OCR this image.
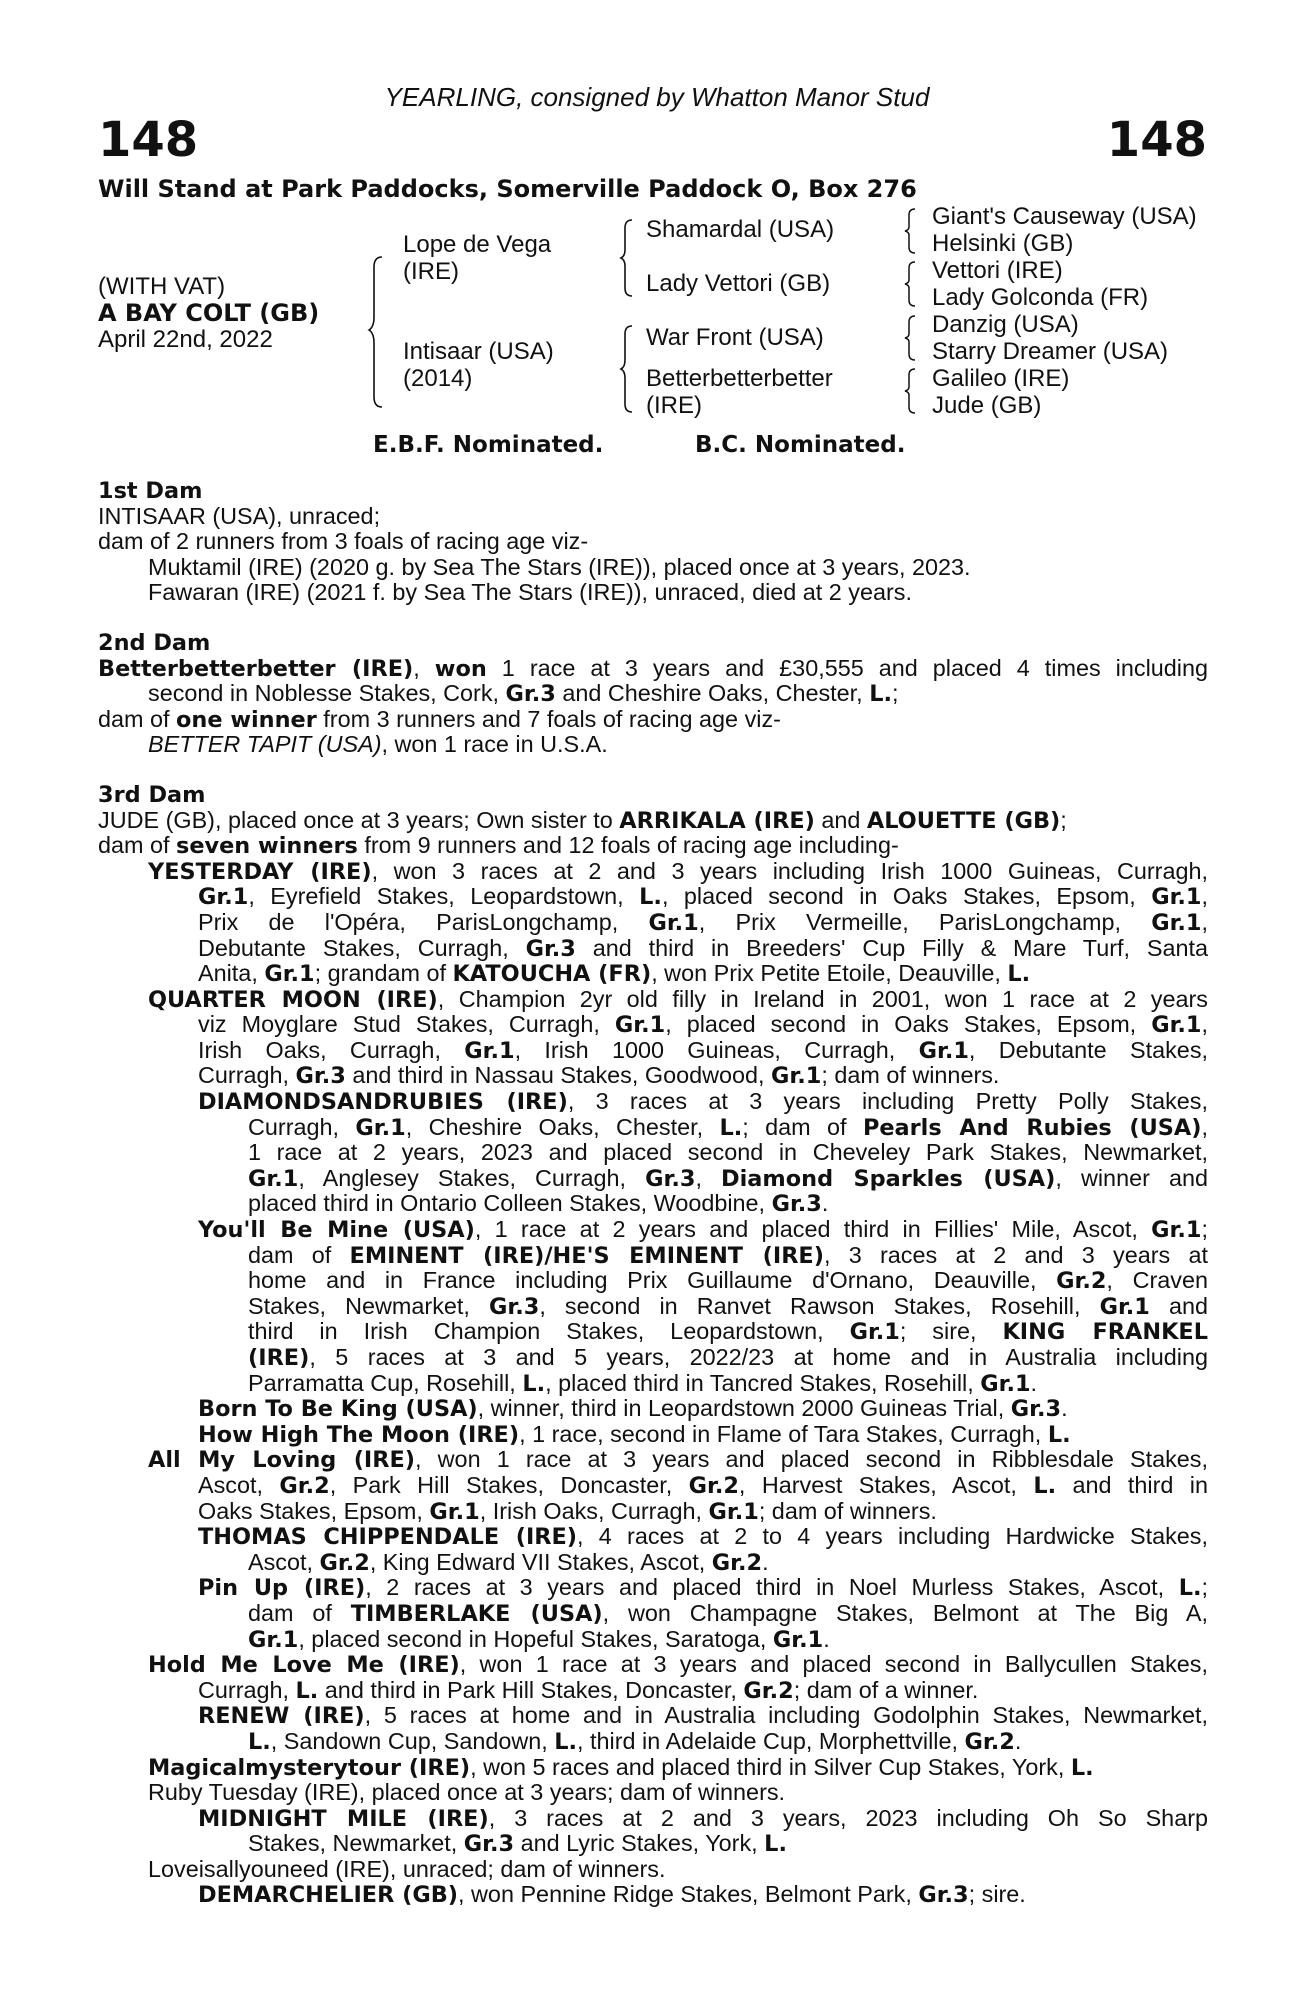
YEARLING, consigned by Whatton Manor Stud
148	148
Will Stand at Park Paddocks, Somerville Paddock O, Box 276
(WITH VAT)
A BAY COLT (GB)
April 22nd, 2022
Lope de Vega
(IRE)
Intisaar (USA)
(2014)
Shamardal (USA)
Lady Vettori (GB)
War Front (USA)
Betterbetterbetter
(IRE)
Giant's Causeway (USA)
Helsinki (GB)
Vettori (IRE)
Lady Golconda (FR)
Danzig (USA)
Starry Dreamer (USA)
Galileo (IRE)
Jude (GB)
E.B.F. Nominated.	B.C. Nominated.
1st Dam
INTISAAR (USA), unraced;
dam of 2 runners from 3 foals of racing age viz-
Muktamil (IRE) (2020 g. by Sea The Stars (IRE)), placed once at 3 years, 2023.
Fawaran (IRE) (2021 f. by Sea The Stars (IRE)), unraced, died at 2 years.
2nd Dam
Betterbetterbetter (IRE), won 1 race at 3 years and £30,555 and placed 4 times including
second in Noblesse Stakes, Cork, Gr.3 and Cheshire Oaks, Chester, L.;
dam of one winner from 3 runners and 7 foals of racing age viz-
BETTER TAPIT (USA), won 1 race in U.S.A.
3rd Dam
JUDE (GB), placed once at 3 years; Own sister to ARRIKALA (IRE) and ALOUETTE (GB);
dam of seven winners from 9 runners and 12 foals of racing age including-
YESTERDAY (IRE), won 3 races at 2 and 3 years including Irish 1000 Guineas, Curragh,
Gr.1, Eyrefield Stakes, Leopardstown, L., placed second in Oaks Stakes, Epsom, Gr.1,
Prix de l'Opéra, ParisLongchamp, Gr.1, Prix Vermeille, ParisLongchamp, Gr.1,
Debutante Stakes, Curragh, Gr.3 and third in Breeders' Cup Filly & Mare Turf, Santa
Anita, Gr.1; grandam of KATOUCHA (FR), won Prix Petite Etoile, Deauville, L.
QUARTER MOON (IRE), Champion 2yr old filly in Ireland in 2001, won 1 race at 2 years
viz Moyglare Stud Stakes, Curragh, Gr.1, placed second in Oaks Stakes, Epsom, Gr.1,
Irish Oaks, Curragh, Gr.1, Irish 1000 Guineas, Curragh, Gr.1, Debutante Stakes,
Curragh, Gr.3 and third in Nassau Stakes, Goodwood, Gr.1; dam of winners.
DIAMONDSANDRUBIES (IRE), 3 races at 3 years including Pretty Polly Stakes,
Curragh, Gr.1, Cheshire Oaks, Chester, L.; dam of Pearls And Rubies (USA),
1 race at 2 years, 2023 and placed second in Cheveley Park Stakes, Newmarket,
Gr.1, Anglesey Stakes, Curragh, Gr.3, Diamond Sparkles (USA), winner and
placed third in Ontario Colleen Stakes, Woodbine, Gr.3.
You'll Be Mine (USA), 1 race at 2 years and placed third in Fillies' Mile, Ascot, Gr.1;
dam of EMINENT (IRE)/HE'S EMINENT (IRE), 3 races at 2 and 3 years at
home and in France including Prix Guillaume d'Ornano, Deauville, Gr.2, Craven
Stakes, Newmarket, Gr.3, second in Ranvet Rawson Stakes, Rosehill, Gr.1 and
third in Irish Champion Stakes, Leopardstown, Gr.1; sire, KING FRANKEL
(IRE), 5 races at 3 and 5 years, 2022/23 at home and in Australia including
Parramatta Cup, Rosehill, L., placed third in Tancred Stakes, Rosehill, Gr.1.
Born To Be King (USA), winner, third in Leopardstown 2000 Guineas Trial, Gr.3.
How High The Moon (IRE), 1 race, second in Flame of Tara Stakes, Curragh, L.
All My Loving (IRE), won 1 race at 3 years and placed second in Ribblesdale Stakes,
Ascot, Gr.2, Park Hill Stakes, Doncaster, Gr.2, Harvest Stakes, Ascot, L. and third in
Oaks Stakes, Epsom, Gr.1, Irish Oaks, Curragh, Gr.1; dam of winners.
THOMAS CHIPPENDALE (IRE), 4 races at 2 to 4 years including Hardwicke Stakes,
Ascot, Gr.2, King Edward VII Stakes, Ascot, Gr.2.
Pin Up (IRE), 2 races at 3 years and placed third in Noel Murless Stakes, Ascot, L.;
dam of TIMBERLAKE (USA), won Champagne Stakes, Belmont at The Big A,
Gr.1, placed second in Hopeful Stakes, Saratoga, Gr.1.
Hold Me Love Me (IRE), won 1 race at 3 years and placed second in Ballycullen Stakes,
Curragh, L. and third in Park Hill Stakes, Doncaster, Gr.2; dam of a winner.
RENEW (IRE), 5 races at home and in Australia including Godolphin Stakes, Newmarket,
L., Sandown Cup, Sandown, L., third in Adelaide Cup, Morphettville, Gr.2.
Magicalmysterytour (IRE), won 5 races and placed third in Silver Cup Stakes, York, L.
Ruby Tuesday (IRE), placed once at 3 years; dam of winners.
MIDNIGHT MILE (IRE), 3 races at 2 and 3 years, 2023 including Oh So Sharp
Stakes, Newmarket, Gr.3 and Lyric Stakes, York, L.
Loveisallyouneed (IRE), unraced; dam of winners.
DEMARCHELIER (GB), won Pennine Ridge Stakes, Belmont Park, Gr.3; sire.
